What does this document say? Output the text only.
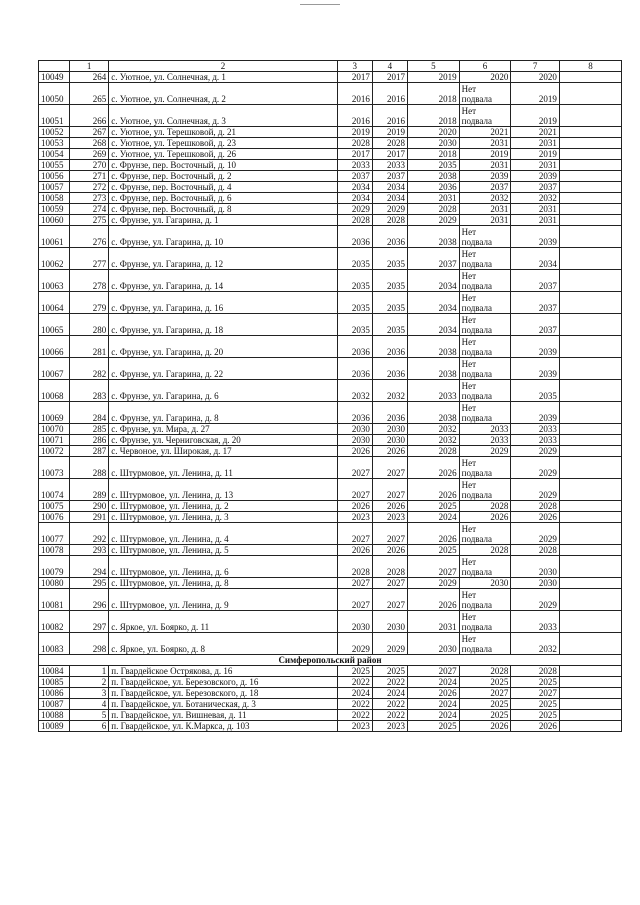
	1	2	3	4	5	6	7	8
10049	264	с. Уютное, ул. Солнечная, д. 1	2017	2017	2019	2020	2020	
10050	265	с. Уютное, ул. Солнечная, д. 2	2016	2016	2018	Нет подвала	2019	
10051	266	с. Уютное, ул. Солнечная, д. 3	2016	2016	2018	Нет подвала	2019	
10052	267	с. Уютное, ул. Терешковой, д. 21	2019	2019	2020	2021	2021	
10053	268	с. Уютное, ул. Терешковой, д. 23	2028	2028	2030	2031	2031	
10054	269	с. Уютное, ул. Терешковой, д. 26	2017	2017	2018	2019	2019	
10055	270	с. Фрунзе, пер. Восточный, д. 10	2033	2033	2035	2031	2031	
10056	271	с. Фрунзе, пер. Восточный, д. 2	2037	2037	2038	2039	2039	
10057	272	с. Фрунзе, пер. Восточный, д. 4	2034	2034	2036	2037	2037	
10058	273	с. Фрунзе, пер. Восточный, д. 6	2034	2034	2031	2032	2032	
10059	274	с. Фрунзе, пер. Восточный, д. 8	2029	2029	2028	2031	2031	
10060	275	с. Фрунзе, ул. Гагарина, д. 1	2028	2028	2029	2031	2031	
10061	276	с. Фрунзе, ул. Гагарина, д. 10	2036	2036	2038	Нет подвала	2039	
10062	277	с. Фрунзе, ул. Гагарина, д. 12	2035	2035	2037	Нет подвала	2034	
10063	278	с. Фрунзе, ул. Гагарина, д. 14	2035	2035	2034	Нет подвала	2037	
10064	279	с. Фрунзе, ул. Гагарина, д. 16	2035	2035	2034	Нет подвала	2037	
10065	280	с. Фрунзе, ул. Гагарина, д. 18	2035	2035	2034	Нет подвала	2037	
10066	281	с. Фрунзе, ул. Гагарина, д. 20	2036	2036	2038	Нет подвала	2039	
10067	282	с. Фрунзе, ул. Гагарина, д. 22	2036	2036	2038	Нет подвала	2039	
10068	283	с. Фрунзе, ул. Гагарина, д. 6	2032	2032	2033	Нет подвала	2035	
10069	284	с. Фрунзе, ул. Гагарина, д. 8	2036	2036	2038	Нет подвала	2039	
10070	285	с. Фрунзе, ул. Мира, д. 27	2030	2030	2032	2033	2033	
10071	286	с. Фрунзе, ул. Черниговская, д. 20	2030	2030	2032	2033	2033	
10072	287	с. Червоное, ул. Широкая, д. 17	2026	2026	2028	2029	2029	
10073	288	с. Штурмовое, ул. Ленина, д. 11	2027	2027	2026	Нет подвала	2029	
10074	289	с. Штурмовое, ул. Ленина, д. 13	2027	2027	2026	Нет подвала	2029	
10075	290	с. Штурмовое, ул. Ленина, д. 2	2026	2026	2025	2028	2028	
10076	291	с. Штурмовое, ул. Ленина, д. 3	2023	2023	2024	2026	2026	
10077	292	с. Штурмовое, ул. Ленина, д. 4	2027	2027	2026	Нет подвала	2029	
10078	293	с. Штурмовое, ул. Ленина, д. 5	2026	2026	2025	2028	2028	
10079	294	с. Штурмовое, ул. Ленина, д. 6	2028	2028	2027	Нет подвала	2030	
10080	295	с. Штурмовое, ул. Ленина, д. 8	2027	2027	2029	2030	2030	
10081	296	с. Штурмовое, ул. Ленина, д. 9	2027	2027	2026	Нет подвала	2029	
10082	297	с. Яркое, ул. Боярко, д. 11	2030	2030	2031	Нет подвала	2033	
10083	298	с. Яркое, ул. Боярко, д. 8	2029	2029	2030	Нет подвала	2032	
Симферопольский район								
10084	1	п. Гвардейское Острякова, д. 16	2025	2025	2027	2028	2028	
10085	2	п. Гвардейское, ул. Березовского, д. 16	2022	2022	2024	2025	2025	
10086	3	п. Гвардейское, ул. Березовского, д. 18	2024	2024	2026	2027	2027	
10087	4	п. Гвардейское, ул. Ботаническая, д. 3	2022	2022	2024	2025	2025	
10088	5	п. Гвардейское, ул. Вишневая, д. 11	2022	2022	2024	2025	2025	
10089	6	п. Гвардейское, ул. К.Маркса, д. 103	2023	2023	2025	2026	2026	
